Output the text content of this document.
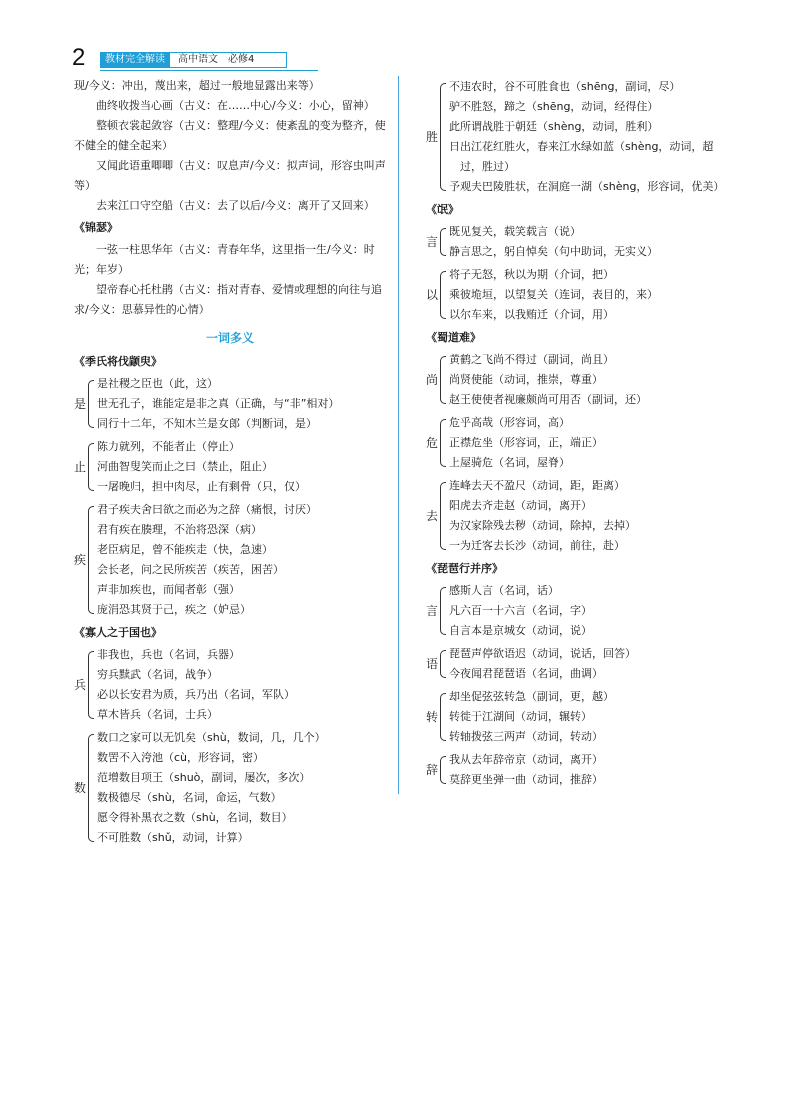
2	教材完全解读	高中语文　必修4

现/今义：冲出，蔑出来，超过一般地显露出来等）

曲终收拨当心画（古义：在……中心/今义：小心，留神）

整顿衣裳起敛容（古义：整理/今义：使紊乱的变为整齐，使不健全的健全起来）

又闻此语重唧唧（古义：叹息声/今义：拟声词，形容虫叫声等）

去来江口守空船（古义：去了以后/今义：离开了又回来）

《锦瑟》

一弦一柱思华年（古义：青春年华，这里指一生/今义：时光；年岁）

望帝春心托杜鹃（古义：指对青春、爱情或理想的向往与追求/今义：思慕异性的心情）

一词多义
《季氏将伐颛臾》
是
是社稷之臣也（此，这）
世无孔子，谁能定是非之真（正确，与“非”相对）
同行十二年，不知木兰是女郎（判断词，是）
止
陈力就列，不能者止（停止）
河曲智叟笑而止之曰（禁止，阻止）
一屠晚归，担中肉尽，止有剩骨（只，仅）
疾
君子疾夫舍曰欲之而必为之辞（痛恨，讨厌）
君有疾在腠理，不治将恐深（病）
老臣病足，曾不能疾走（快，急速）
会长老，问之民所疾苦（疾苦，困苦）
声非加疾也，而闻者彰（强）
庞涓恐其贤于己，疾之（妒忌）
《寡人之于国也》
兵
非我也，兵也（名词，兵器）
穷兵黩武（名词，战争）
必以长安君为质，兵乃出（名词，军队）
草木皆兵（名词，士兵）
数
数口之家可以无饥矣（shù，数词，几，几个）
数罟不入洿池（cù，形容词，密）
范增数目项王（shuò，副词，屡次，多次）
数极德尽（shù，名词，命运，气数）
愿令得补黑衣之数（shù，名词，数目）
不可胜数（shǔ，动词，计算）
胜
不违农时，谷不可胜食也（shēng，副词，尽）
驴不胜怒，蹄之（shēng，动词，经得住）
此所谓战胜于朝廷（shèng，动词，胜利）
日出江花红胜火，春来江水绿如蓝（shèng，动词，超
　过，胜过）
予观夫巴陵胜状，在洞庭一湖（shèng，形容词，优美）
《氓》
言
既见复关，载笑载言（说）
静言思之，躬自悼矣（句中助词，无实义）
以
将子无怒，秋以为期（介词，把）
乘彼垝垣，以望复关（连词，表目的，来）
以尔车来，以我贿迁（介词，用）
《蜀道难》
尚
黄鹤之飞尚不得过（副词，尚且）
尚贤使能（动词，推崇，尊重）
赵王使使者视廉颇尚可用否（副词，还）
危
危乎高哉（形容词，高）
正襟危坐（形容词，正，端正）
上屋骑危（名词，屋脊）
去
连峰去天不盈尺（动词，距，距离）
阳虎去齐走赵（动词，离开）
为汉家除残去秽（动词，除掉，去掉）
一为迁客去长沙（动词，前往，赴）
《琵琶行并序》
言
感斯人言（名词，话）
凡六百一十六言（名词，字）
自言本是京城女（动词，说）
语
琵琶声停欲语迟（动词，说话，回答）
今夜闻君琵琶语（名词，曲调）
转
却坐促弦弦转急（副词，更，越）
转徙于江湖间（动词，辗转）
转轴拨弦三两声（动词，转动）
辞
我从去年辞帝京（动词，离开）
莫辞更坐弹一曲（动词，推辞）
